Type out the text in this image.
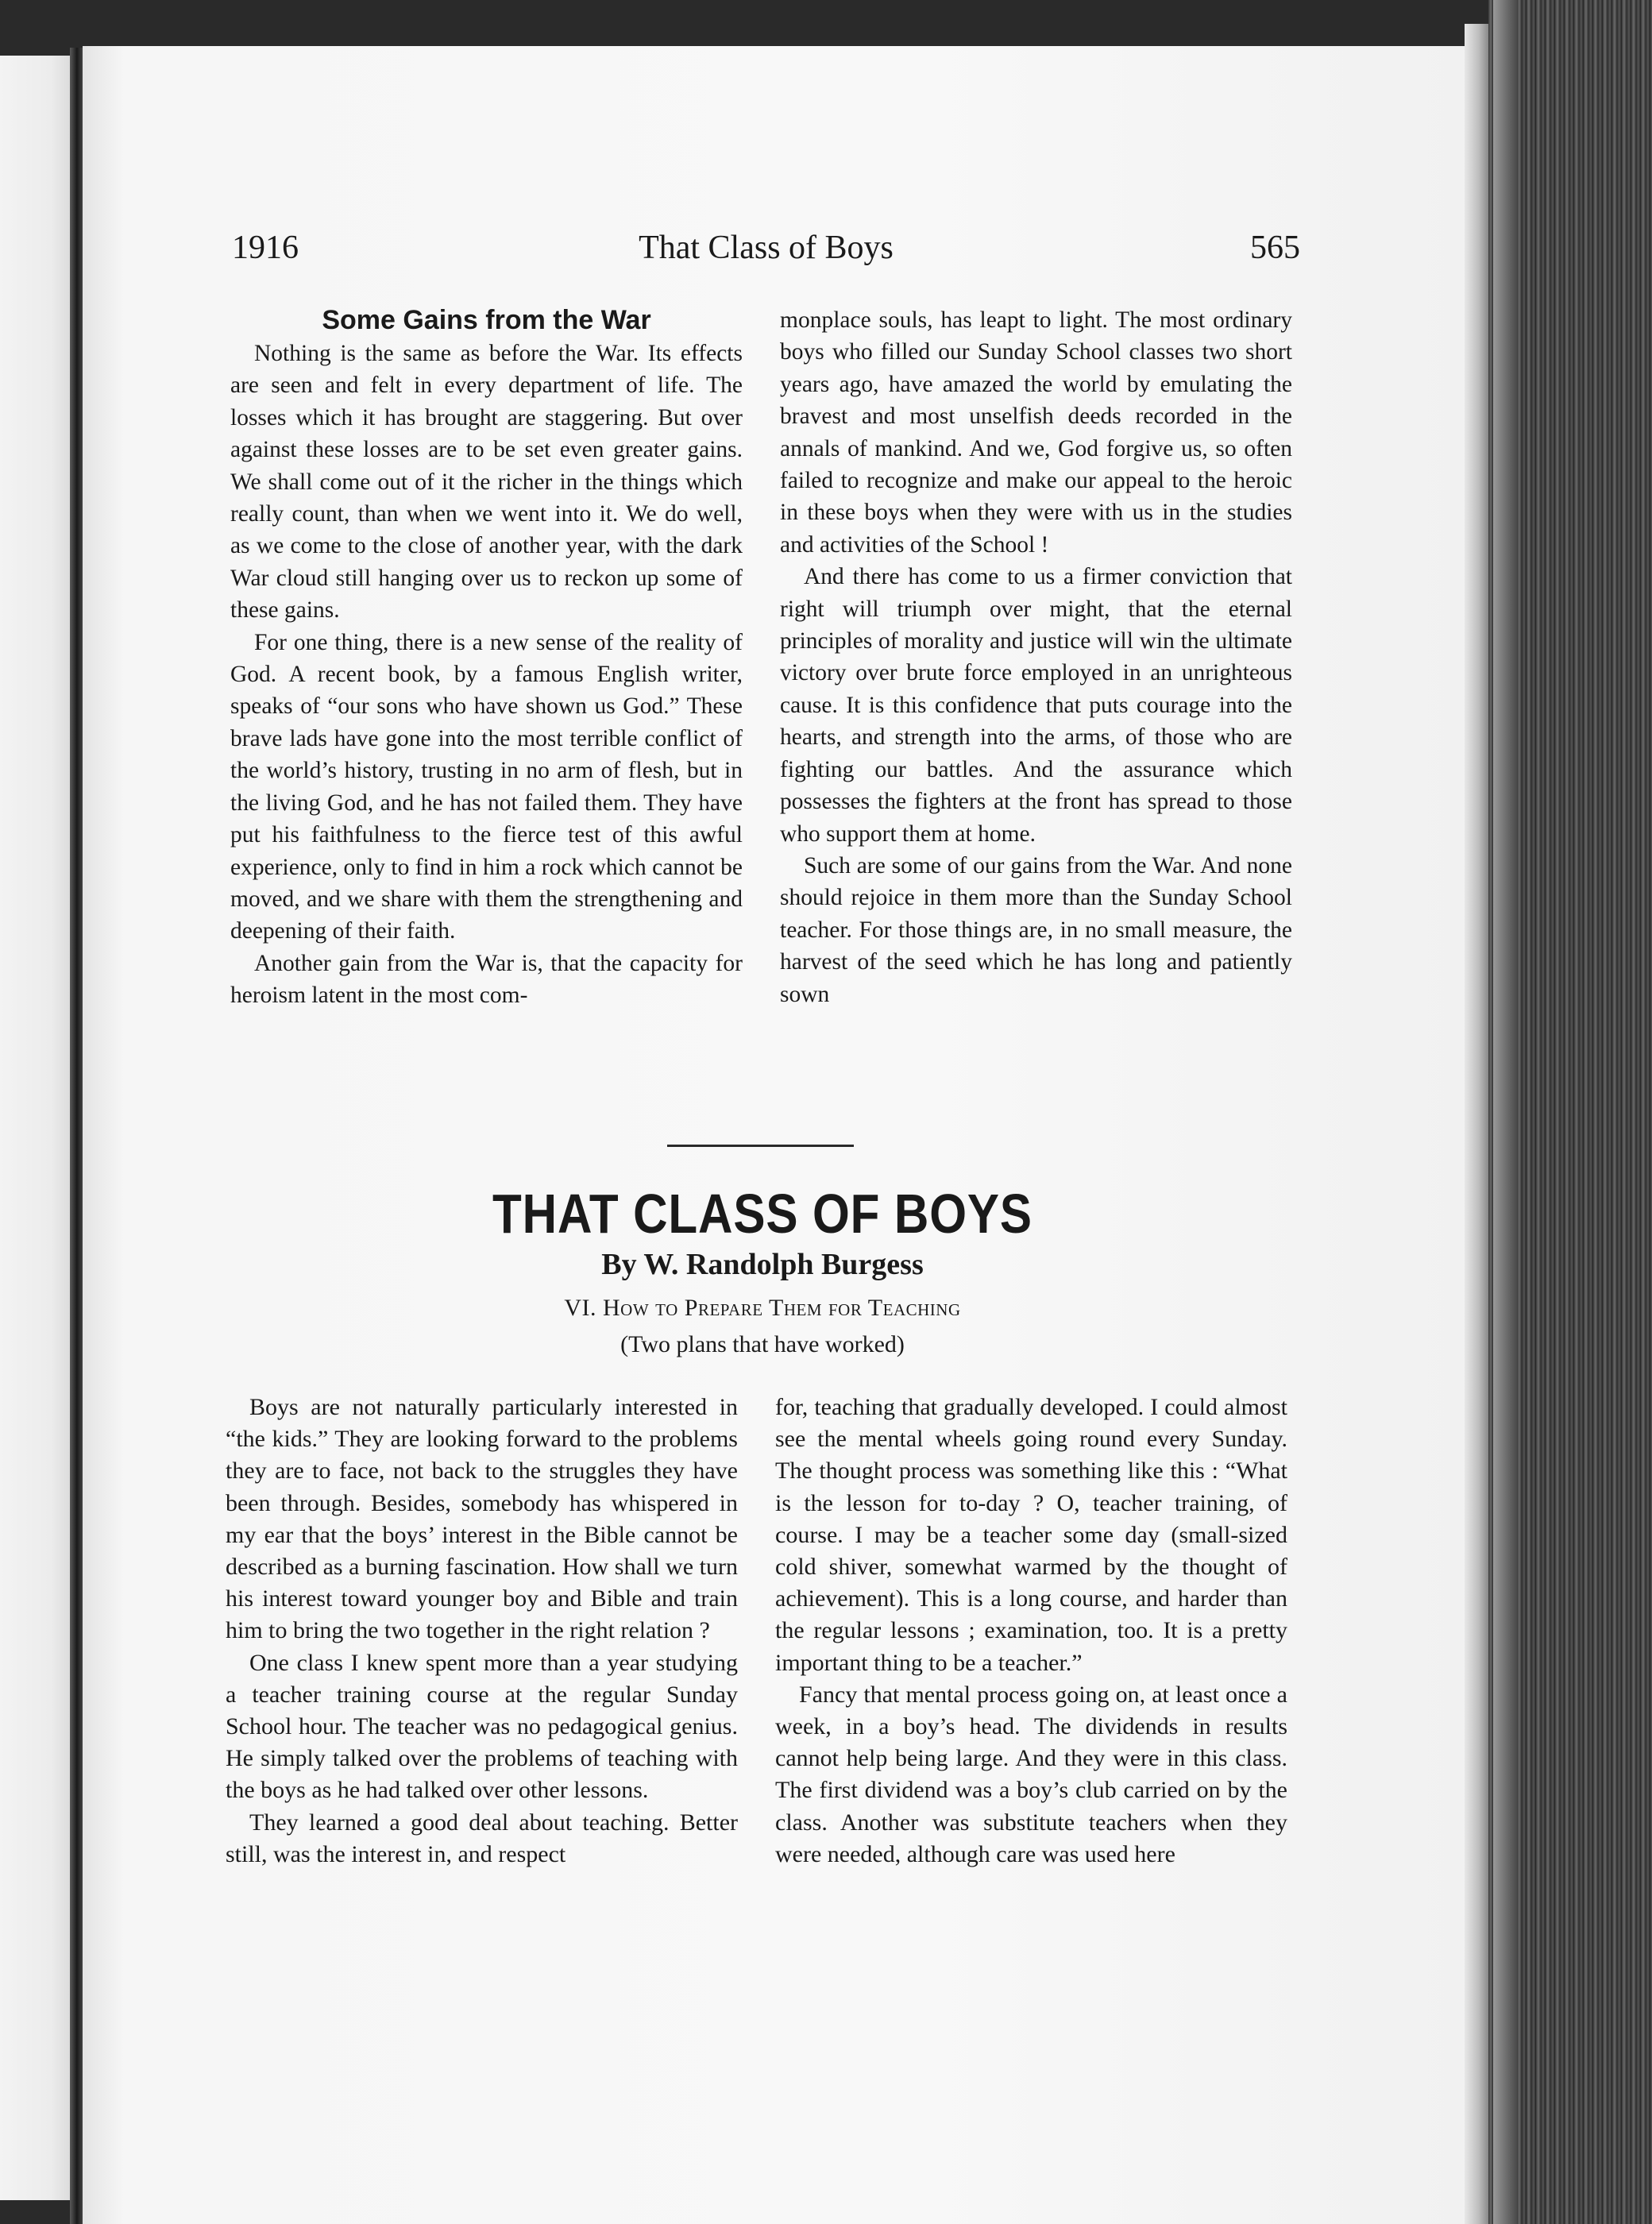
1916	That Class of Boys	565
Some Gains from the War

Nothing is the same as before the War. Its effects are seen and felt in every department of life. The losses which it has brought are staggering. But over against these losses are to be set even greater gains. We shall come out of it the richer in the things which really count, than when we went into it. We do well, as we come to the close of another year, with the dark War cloud still hanging over us to reckon up some of these gains.

For one thing, there is a new sense of the reality of God. A recent book, by a famous English writer, speaks of “our sons who have shown us God.” These brave lads have gone into the most terrible conflict of the world’s history, trusting in no arm of flesh, but in the living God, and he has not failed them. They have put his faithfulness to the fierce test of this awful experience, only to find in him a rock which cannot be moved, and we share with them the strengthening and deepening of their faith.

Another gain from the War is, that the capacity for heroism latent in the most com-

monplace souls, has leapt to light. The most ordinary boys who filled our Sunday School classes two short years ago, have amazed the world by emulating the bravest and most unselfish deeds recorded in the annals of mankind. And we, God forgive us, so often failed to recognize and make our appeal to the heroic in these boys when they were with us in the studies and activities of the School !

And there has come to us a firmer conviction that right will triumph over might, that the eternal principles of morality and justice will win the ultimate victory over brute force employed in an unrighteous cause. It is this confidence that puts courage into the hearts, and strength into the arms, of those who are fighting our battles. And the assurance which possesses the fighters at the front has spread to those who support them at home.

Such are some of our gains from the War. And none should rejoice in them more than the Sunday School teacher. For those things are, in no small measure, the harvest of the seed which he has long and patiently sown

THAT CLASS OF BOYS
By W. Randolph Burgess
VI. How to Prepare Them for Teaching
(Two plans that have worked)

Boys are not naturally particularly interested in “the kids.” They are looking forward to the problems they are to face, not back to the struggles they have been through. Besides, somebody has whispered in my ear that the boys’ interest in the Bible cannot be described as a burning fascination. How shall we turn his interest toward younger boy and Bible and train him to bring the two together in the right relation ?

One class I knew spent more than a year studying a teacher training course at the regular Sunday School hour. The teacher was no pedagogical genius. He simply talked over the problems of teaching with the boys as he had talked over other lessons.

They learned a good deal about teaching. Better still, was the interest in, and respect

for, teaching that gradually developed. I could almost see the mental wheels going round every Sunday. The thought process was something like this : “What is the lesson for to-day ? O, teacher training, of course. I may be a teacher some day (small-sized cold shiver, somewhat warmed by the thought of achievement). This is a long course, and harder than the regular lessons ; examination, too. It is a pretty important thing to be a teacher.”

Fancy that mental process going on, at least once a week, in a boy’s head. The dividends in results cannot help being large. And they were in this class. The first dividend was a boy’s club carried on by the class. Another was substitute teachers when they were needed, although care was used here
